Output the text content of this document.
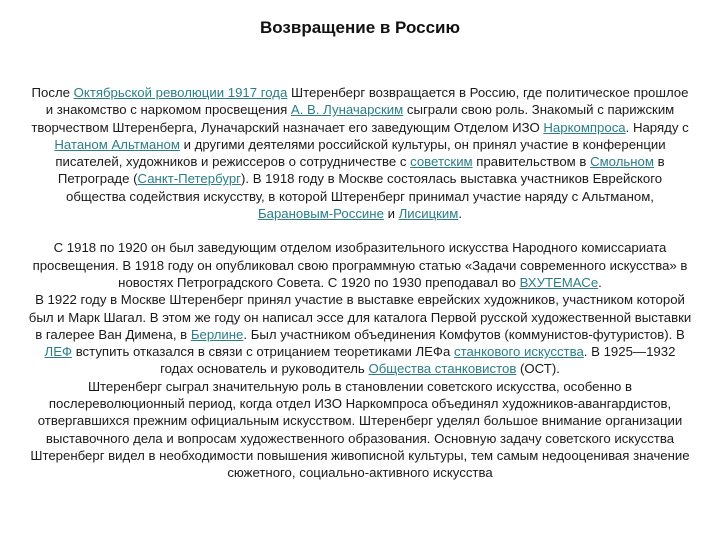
Возвращение в Россию

После Октябрьской революции 1917 года Штеренберг возвращается в Россию, где политическое прошлое и знакомство с наркомом просвещения А. В. Луначарским сыграли свою роль. Знакомый с парижским творчеством Штеренберга, Луначарский назначает его заведующим Отделом ИЗО Наркомпроса. Наряду с Натаном Альтманом и другими деятелями российской культуры, он принял участие в конференции писателей, художников и режиссеров о сотрудничестве с советским правительством в Смольном в Петрограде (Санкт-Петербург). В 1918 году в Москве состоялась выставка участников Еврейского общества содействия искусству, в которой Штеренберг принимал участие наряду с Альтманом, Барановым-Россине и Лисицким.

С 1918 по 1920 он был заведующим отделом изобразительного искусства Народного комиссариата просвещения. В 1918 году он опубликовал свою программную статью «Задачи современного искусства» в новостях Петроградского Совета. С 1920 по 1930 преподавал во ВХУТЕМАСе.

В 1922 году в Москве Штеренберг принял участие в выставке еврейских художников, участником которой был и Марк Шагал. В этом же году он написал эссе для каталога Первой русской художественной выставки в галерее Ван Димена, в Берлине. Был участником объединения Комфутов (коммунистов-футуристов). В ЛЕФ вступить отказался в связи с отрицанием теоретиками ЛЕФа станкового искусства. В 1925—1932 годах основатель и руководитель Общества станковистов (ОСТ).

Штеренберг сыграл значительную роль в становлении советского искусства, особенно в послереволюционный период, когда отдел ИЗО Наркомпроса объединял художников-авангардистов, отвергавшихся прежним официальным искусством. Штеренберг уделял большое внимание организации выставочного дела и вопросам художественного образования. Основную задачу советского искусства Штеренберг видел в необходимости повышения живописной культуры, тем самым недооценивая значение сюжетного, социально-активного искусства
